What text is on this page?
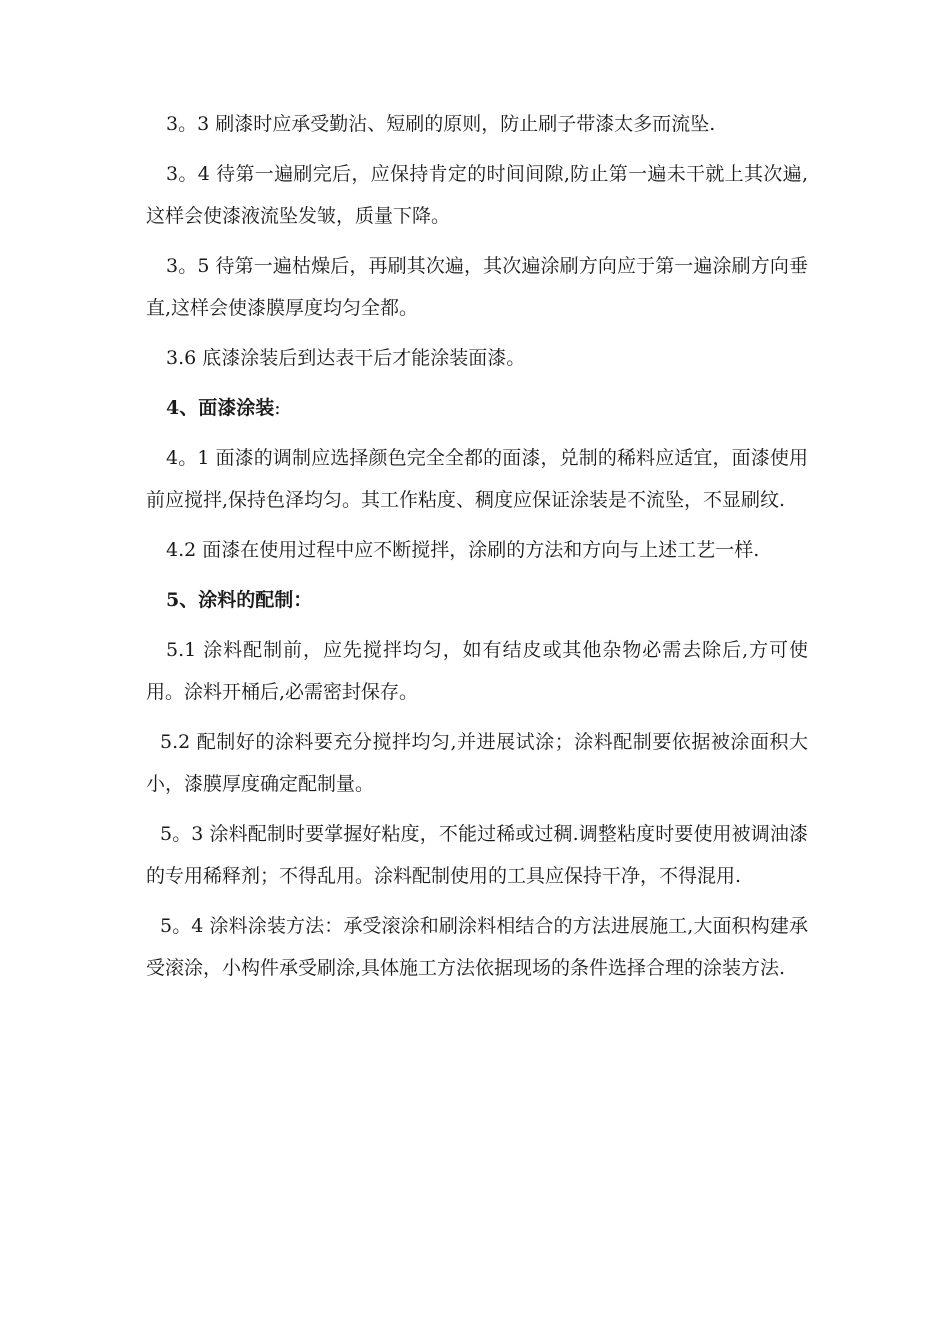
3。3 刷漆时应承受勤沾、短刷的原则，防止刷子带漆太多而流坠.

3。4 待第一遍刷完后，应保持肯定的时间间隙,防止第一遍未干就上其次遍,这样会使漆液流坠发皱，质量下降。

3。5 待第一遍枯燥后，再刷其次遍，其次遍涂刷方向应于第一遍涂刷方向垂直,这样会使漆膜厚度均匀全都。

3.6 底漆涂装后到达表干后才能涂装面漆。

4、面漆涂装:

4。1 面漆的调制应选择颜色完全全都的面漆，兑制的稀料应适宜，面漆使用前应搅拌,保持色泽均匀。其工作粘度、稠度应保证涂装是不流坠，不显刷纹.

4.2 面漆在使用过程中应不断搅拌，涂刷的方法和方向与上述工艺一样.

5、涂料的配制：

5.1 涂料配制前，应先搅拌均匀，如有结皮或其他杂物必需去除后,方可使用。涂料开桶后,必需密封保存。

5.2 配制好的涂料要充分搅拌均匀,并进展试涂；涂料配制要依据被涂面积大小，漆膜厚度确定配制量。

5。3 涂料配制时要掌握好粘度，不能过稀或过稠.调整粘度时要使用被调油漆的专用稀释剂；不得乱用。涂料配制使用的工具应保持干净，不得混用.

5。4 涂料涂装方法：承受滚涂和刷涂料相结合的方法进展施工,大面积构建承受滚涂，小构件承受刷涂,具体施工方法依据现场的条件选择合理的涂装方法.
